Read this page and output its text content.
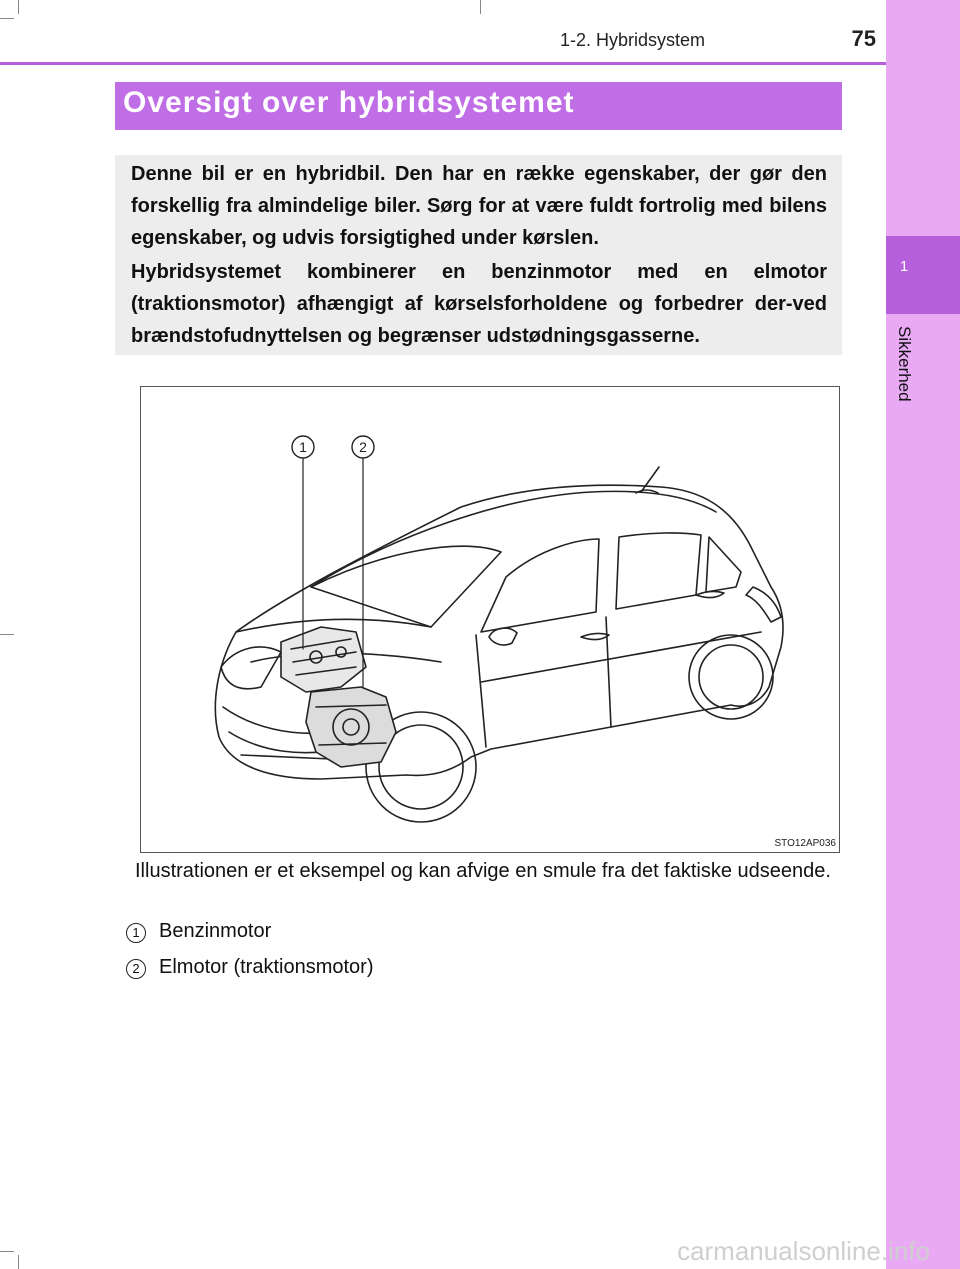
1
Sikkerhed
1-2. Hybridsystem	75
Oversigt over hybridsystemet

Denne bil er en hybridbil. Den har en række egenskaber, der gør den forskellig fra almindelige biler. Sørg for at være fuldt fortrolig med bilens egenskaber, og udvis forsigtighed under kørslen.

Hybridsystemet kombinerer en benzinmotor med en elmotor (traktionsmotor) afhængigt af kørselsforholdene og forbedrer der-ved brændstofudnyttelsen og begrænser udstødningsgasserne.

1	2
STO12AP036

Illustrationen er et eksempel og kan afvige en smule fra det faktiske udseende.

1 Benzinmotor
2 Elmotor (traktionsmotor)
carmanualsonline.info
